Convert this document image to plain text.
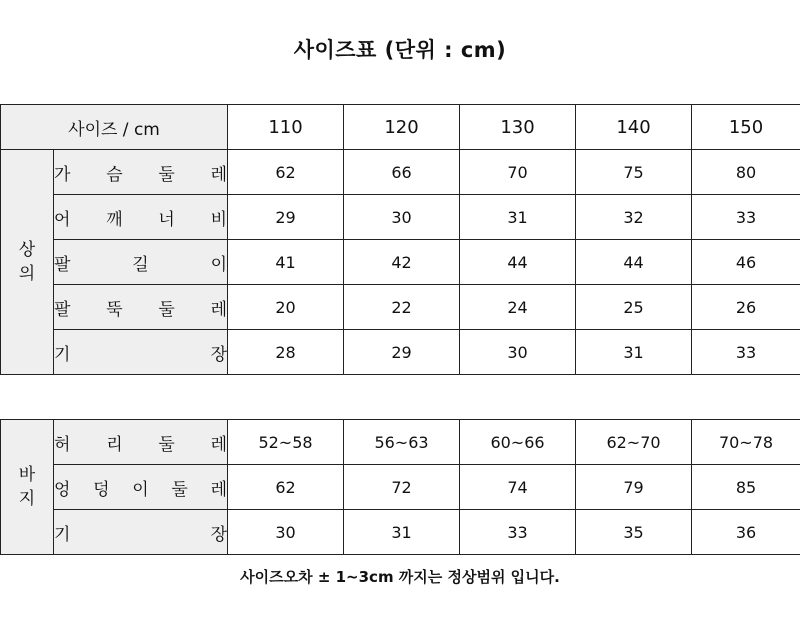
사이즈표 (단위 : cm)
사이즈 / cm		110	120	130	140	150

상
의	가 슴 둘 레	62	66	70	75	80

	어 깨 너 비	29	30	31	32	33

	팔 길 이	41	42	44	44	46

	팔 뚝 둘 레	20	22	24	25	26

	기 장	28	29	30	31	33

바
지	허 리 둘 레	52~58	56~63	60~66	62~70	70~78

	엉 덩 이 둘 레	62	72	74	79	85

	기 장	30	31	33	35	36
사이즈오차 ± 1~3cm 까지는 정상범위 입니다.
